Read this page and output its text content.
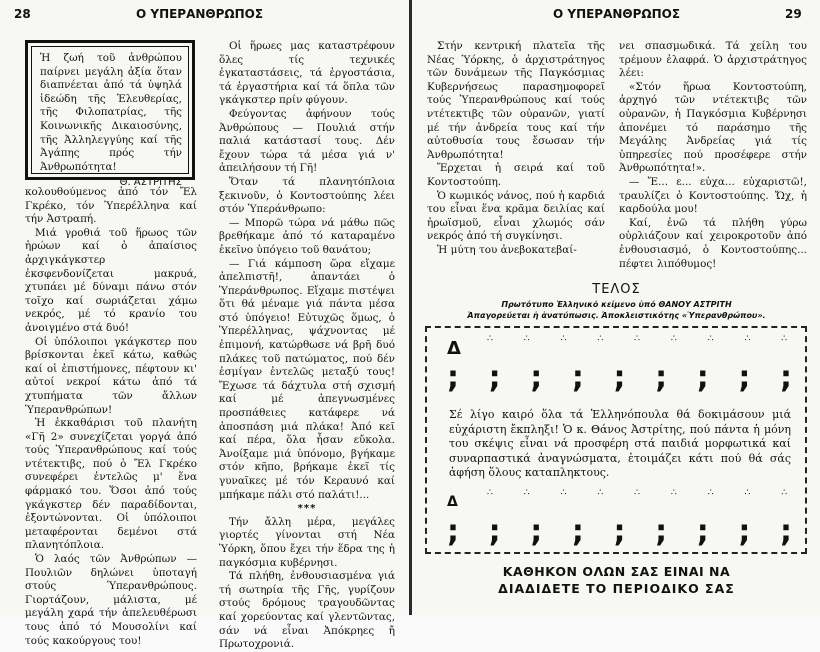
28	Ο ΥΠΕΡΑΝΘΡΩΠΟΣ
Ἡ ζωή τοῦ ἀνθρώπου παίρνει μεγάλη ἀξία ὅταν διαπνέεται ἀπό τά ὑψηλά ἰδεώδη τῆς Ἐλευθερίας, τῆς Φιλοπατρίας, τῆς Κοινωνικῆς Δικαιοσύνης, τῆς Ἀλληλεγγύης καί τῆς Ἀγάπης πρός τήν Ἀνθρωπότητα!
Θ. ΑΣΤΡΙΤΗΣ

κολουθούμενος ἀπό τόν Ἔλ Γκρέκο, τόν Ὑπερέλληνα καί τήν Ἀστραπή.

Μιά γροθιά τοῦ ἥρωος τῶν ἡρώων καί ὁ ἀπαίσιος ἀρχιγκάγκστερ ἐκσφενδονίζεται μακρυά, χτυπάει μέ δύναμι πάνω στόν τοῖχο καί σωριάζεται χάμω νεκρός, μέ τό κρανίο του ἀνοιγμένο στά δυό!

Οἱ ὑπόλοιποι γκάγκστερ που βρίσκονται ἐκεῖ κάτω, καθώς καί οἱ ἐπιστήμονες, πέφτουν κι' αὐτοί νεκροί κάτω ἀπό τά χτυπήματα τῶν ἄλλων Ὑπερανθρώπων!

Ἡ ἐκκαθάρισι τοῦ πλανήτη «Γῆ 2» συνεχίζεται γοργά ἀπό τούς Ὑπερανθρώπους καί τούς ντέτεκτιβς, πού ὁ Ἔλ Γκρέκο συνεφέρει ἐντελῶς μ' ἕνα φάρμακό του. Ὅσοι ἀπό τούς γκάγκστερ δέν παραδίδονται, ἐξοντώνονται. Οἱ ὑπόλοιποι μεταφέρονται δεμένοι στά πλανητόπλοια.

Ὁ λαός τῶν Ἀνθρώπων — Πουλιῶν δηλώνει ὑποταγή στούς Ὑπερανθρώπους. Γιορτάζουν, μάλιστα, μέ μεγάλη χαρά τήν ἀπελευθέρωσι τους ἀπό τό Μουσολίνι καί τούς κακούργους του!

Οἱ ἥρωες μας καταστρέφουν ὅλες τίς τεχνικές ἐγκαταστάσεις, τά ἐργοστάσια, τά ἐργαστήρια καί τά ὅπλα τῶν γκάγκστερ πρίν φύγουν.

Φεύγοντας ἀφήνουν τούς Ἀνθρώπους — Πουλιά στήν παλιά κατάστασί τους. Δέν ἔχουν τώρα τά μέσα γιά ν' ἀπειλήσουν τή Γῆ!

Ὅταν τά πλανητόπλοια ξεκινοῦν, ὁ Κοντοστούπης λέει στόν Ὑπεράνθρωπο:

— Μπορῶ τώρα νά μάθω πῶς βρεθήκαμε ἀπό τό καταραμένο ἐκεῖνο ὑπόγειο τοῦ θανάτου;

— Γιά κάμποση ὥρα εἴχαμε ἀπελπιστῆ!, ἀπαντάει ὁ Ὑπεράνθρωπος. Εἴχαμε πιστέψει ὅτι θά μέναμε γιά πάντα μέσα στό ὑπόγειο! Εὐτυχῶς ὅμως, ὁ Ὑπερέλληνας, ψάχνοντας μέ ἐπιμονή, κατώρθωσε νά βρῆ δυό πλάκες τοῦ πατώματος, πού δέν ἐσμίγαν ἐντελῶς μεταξύ τους! Ἔχωσε τά δάχτυλα στή σχισμή καί μέ ἀπεγνωσμένες προσπάθειες κατάφερε νά ἀποσπάση μιά πλάκα! Ἀπό κεῖ καί πέρα, ὅλα ἦσαν εὔκολα. Ἀνοίξαμε μιά ὑπόνομο, βγήκαμε στόν κῆπο, βρήκαμε ἐκεῖ τίς γυναῖκες μέ τόν Κεραυνό καί μπήκαμε πάλι στό παλάτι!...

***

Τήν ἄλλη μέρα, μεγάλες γιορτές γίνονται στή Νέα Ὑόρκη, ὅπου ἔχει τήν ἕδρα της ἡ παγκόσμια κυβέρνησι.

Τά πλήθη, ἐνθουσιασμένα γιά τή σωτηρία τῆς Γῆς, γυρίζουν στούς δρόμους τραγουδῶντας καί χορεύοντας καί γλεντῶντας, σάν νά εἶναι Ἀπόκρηες ἤ Πρωτοχρονιά.

Ο ΥΠΕΡΑΝΘΡΩΠΟΣ	29

Στήν κεντρική πλατεῖα τῆς Νέας Ὑόρκης, ὁ ἀρχιστράτηγος τῶν δυνάμεων τῆς Παγκόσμιας Κυβερνήσεως παρασημοφορεῖ τούς Ὑπερανθρώπους καί τούς ντέτεκτιβς τῶν οὐρανῶν, γιατί μέ τήν ἀνδρεία τους καί τήν αὐτοθυσία τους ἔσωσαν τήν Ἀνθρωπότητα!

Ἔρχεται ἡ σειρά καί τοῦ Κοντοστούπη.

Ὁ κωμικός νάνος, πού ἡ καρδιά του εἶναι ἕνα κρᾶμα δειλίας καί ἡρωϊσμοῦ, εἶναι χλωμός σάν νεκρός ἀπό τή συγκίνησι.

Ἡ μύτη του ἀνεβοκατεβαί-

νει σπασμωδικά. Τά χείλη του τρέμουν ἐλαφρά. Ὁ ἀρχιστράτηγος λέει:

«Στόν ἥρωα Κοντοστούπη, ἀρχηγό τῶν ντέτεκτιβς τῶν οὐρανῶν, ἡ Παγκόσμια Κυβέρνησι ἀπονέμει τό παράσημο τῆς Μεγάλης Ἀνδρείας γιά τίς ὑπηρεσίες πού προσέφερε στήν Ἀνθρωπότητα!».

— Ἔ... ε... εὐχα... εὐχαριστῶ!, τραυλίζει ὁ Κοντοστούπης. Ὤχ, ἡ καρδούλα μου!

Καί, ἐνῶ τά πλήθη γύρω οὐρλιάζουν καί χειροκροτοῦν ἀπό ἐνθουσιασμό, ὁ Κοντοστούπης... πέφτει λιπόθυμος!

ΤΕΛΟΣ
Πρωτότυπο Ἑλληνικό κείμενο ὑπό ΘΑΝΟΥ ΑΣΤΡΙΤΗ
Ἀπαγορεύεται ἡ ἀνατύπωσις. Ἀποκλειστικότης «Ὑπερανθρώπου».
Δ	∴	∴	∴	∴	∴	∴	∴	∴	∴
; ; ; ; ; ; ; ; ;
Σέ λίγο καιρό ὅλα τά Ἑλληνόπουλα θά δοκιμάσουν μιά εὐχάριστη ἔκπληξι! Ὁ κ. Θάνος Ἀστρίτης, πού πάντα ἡ μόνη του σκέψις εἶναι νά προσφέρη στά παιδιά μορφωτικά καί συναρπαστικά ἀναγνώσματα, ἑτοιμάζει κάτι πού θά σάς ἀφήση ὅλους καταπληκτους.
Δ
∴	∴	∴	∴	∴	∴	∴	∴	∴
; ; ; ; ; ; ; ; ;
ΚΑΘΗΚΟΝ ΟΛΩΝ ΣΑΣ ΕΙΝΑΙ ΝΑ
ΔΙΑΔΙΔΕΤΕ ΤΟ ΠΕΡΙΟΔΙΚΟ ΣΑΣ
